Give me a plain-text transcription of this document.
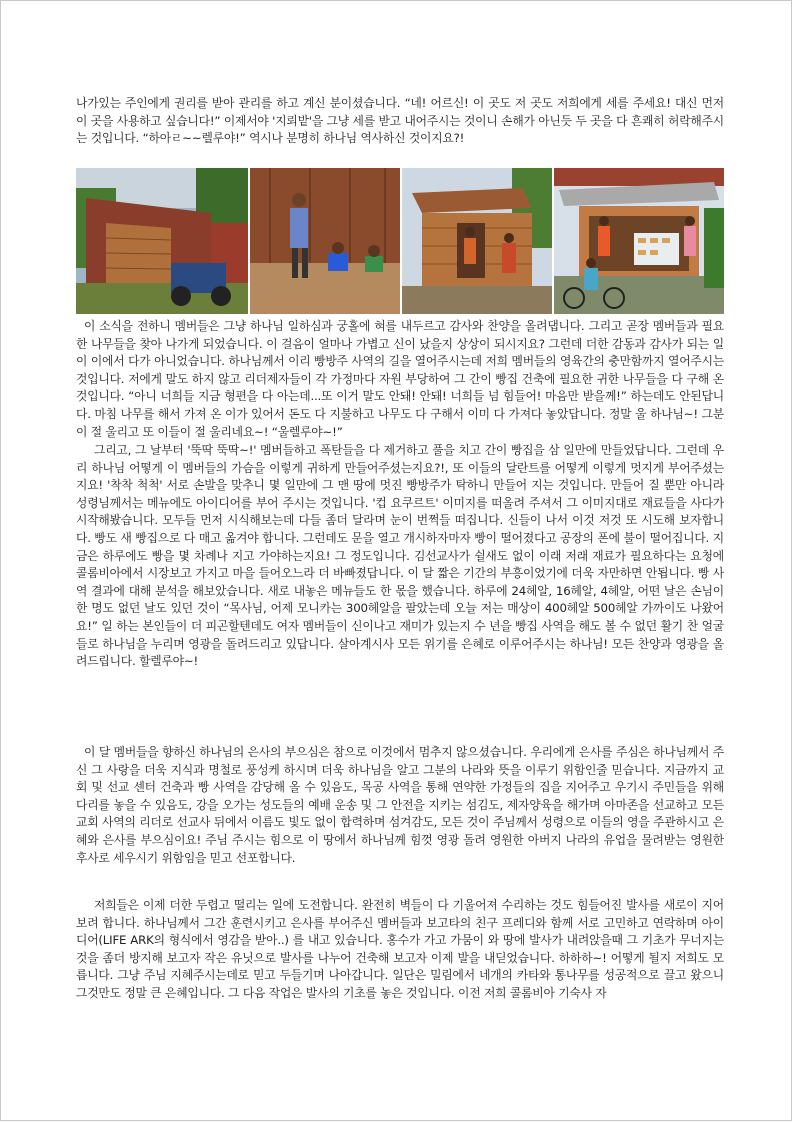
나가있는 주인에게 권리를 받아 관리를 하고 계신 분이셨습니다. “네! 어르신! 이 곳도 저 곳도 저희에게 세를 주세요! 대신 먼저 이 곳을 사용하고 싶습니다!” 이제서야 '지뢰밭'을 그냥 세를 받고 내어주시는 것이니 손해가 아닌듯 두 곳을 다 흔쾌히 허락해주시는 것입니다. “하아ㄹ~~렐루야!” 역시나 분명히 하나님 역사하신 것이지요?!
이 소식을 전하니 멤버들은 그냥 하나님 일하심과 궁홀에 혀를 내두르고 감사와 찬양을 올려댑니다. 그리고 곧장 멤버들과 필요한 나무들을 찾아 나가게 되었습니다. 이 걸음이 얼마나 가볍고 신이 났을지 상상이 되시지요? 그런데 더한 감동과 감사가 되는 일이 이에서 다가 아니었습니다. 하나님께서 이리 빵방주 사역의 길을 열어주시는데 저희 멤버들의 영육간의 충만함까지 열어주시는 것입니다. 저에게 말도 하지 않고 리더제자들이 각 가정마다 자원 부당하여 그 간이 빵집 건축에 필요한 귀한 나무들을 다 구해 온 것입니다. “아니 너희들 지금 형편을 다 아는데...또 이거 말도 안돼! 안돼! 너희들 넘 힘들어! 마음만 받을께!” 하는데도 안된답니다. 마침 나무를 해서 가져 온 이가 있어서 돈도 다 지불하고 나무도 다 구해서 이미 다 가져다 놓았답니다. 정말 울 하나님~! 그분이 절 울리고 또 이들이 절 울리네요~! “울렐루야~!”
그리고, 그 날부터 '뚝딱 뚝딱~!' 멤버들하고 폭탄들을 다 제거하고 풀을 치고 간이 빵집을 삼 일만에 만들었답니다. 그런데 우리 하나님 어떻게 이 멤버들의 가슴을 이렇게 귀하게 만들어주셨는지요?!, 또 이들의 달란트를 어떻게 이렇게 멋지게 부어주셨는지요! '착착 척척' 서로 손발을 맞추니 몇 일만에 그 맨 땅에 멋진 빵방주가 탁하니 만들어 지는 것입니다. 만들어 질 뿐만 아니라 성령님께서는 메뉴에도 아이디어를 부어 주시는 것입니다. '컵 요쿠르트' 이미지를 떠올려 주셔서 그 이미지대로 재료들을 사다가 시작해봤습니다. 모두들 먼저 시식해보는데 다들 좀더 달라며 눈이 번쩍들 떠집니다. 신들이 나서 이것 저것 또 시도해 보자합니다. 빵도 새 빵집으로 다 매고 옮겨야 합니다. 그런데도 문을 열고 개시하자마자 빵이 떨어졌다고 공장의 폰에 불이 떨어집니다. 지금은 하루에도 빵을 몇 차례나 지고 가야하는지요! 그 정도입니다. 김선교사가 쉴새도 없이 이래 저래 재료가 필요하다는 요청에 콜롬비아에서 시장보고 가지고 마을 들어오느라 더 바빠졌답니다. 이 달 짧은 기간의 부흥이었기에 더욱 자만하면 안됩니다. 빵 사역 결과에 대해 분석을 해보았습니다. 새로 내놓은 메뉴들도 한 몫을 했습니다. 하루에 24헤알, 16헤알, 4헤알, 어떤 날은 손님이 한 명도 없던 날도 있던 것이 “목사님, 어제 모니카는 300헤알을 팔았는데 오늘 저는 매상이 400헤알 500헤알 가까이도 나왔어요!” 일 하는 본인들이 더 피곤할텐데도 여자 멤버들이 신이나고 재미가 있는지 수 년을 빵집 사역을 해도 볼 수 없던 활기 찬 얼굴들로 하나님을 누리며 영광을 돌려드리고 있답니다. 살아계시사 모든 위기를 은혜로 이루어주시는 하나님! 모든 찬양과 영광을 올려드립니다. 할렐루야~!
이 달 멤버들을 향하신 하나님의 은사의 부으심은 참으로 이것에서 멈추지 않으셨습니다. 우리에게 은사를 주심은 하나님께서 주신 그 사랑을 더욱 지식과 명철로 풍성케 하시며 더욱 하나님을 알고 그분의 나라와 뜻을 이루기 위함인줄 믿습니다. 지금까지 교회 및 선교 센터 건축과 빵 사역을 감당해 올 수 있음도, 목공 사역을 통해 연약한 가정들의 집을 지어주고 우기시 주민들을 위해 다리를 놓을 수 있음도, 강을 오가는 성도들의 예배 운송 및 그 안전을 지키는 섬김도, 제자양육을 해가며 아마존을 선교하고 모든 교회 사역의 리더로 선교사 뒤에서 이름도 빛도 없이 합력하며 섬겨감도, 모든 것이 주님께서 성령으로 이들의 영을 주관하시고 은혜와 은사를 부으심이요! 주님 주시는 힘으로 이 땅에서 하나님께 힘껏 영광 돌려 영원한 아버지 나라의 유업을 물려받는 영원한 후사로 세우시기 위함임을 믿고 선포합니다.
저희들은 이제 더한 두렵고 떨리는 일에 도전합니다. 완전히 벽들이 다 기울어져 수리하는 것도 힘들어진 발사를 새로이 지어보려 합니다. 하나님께서 그간 훈련시키고 은사를 부어주신 멤버들과 보고타의 친구 프레디와 함께 서로 고민하고 연락하며 아이디어(LIFE ARK의 형식에서 영감을 받아..) 를 내고 있습니다. 홍수가 가고 가뭄이 와 땅에 발사가 내려앉을때 그 기초가 무너지는 것을 좀더 방지해 보고자 작은 유닛으로 발사를 나누어 건축해 보고자 이제 발을 내딛었습니다. 하하하~! 어떻게 될지 저희도 모릅니다. 그냥 주님 지혜주시는데로 믿고 두들기며 나아갑니다. 일단은 밀림에서 네개의 카타와 통나무를 성공적으로 끌고 왔으니 그것만도 정말 큰 은혜입니다. 그 다음 작업은 발사의 기초를 놓은 것입니다. 이전 저희 콜롬비아 기숙사 자
